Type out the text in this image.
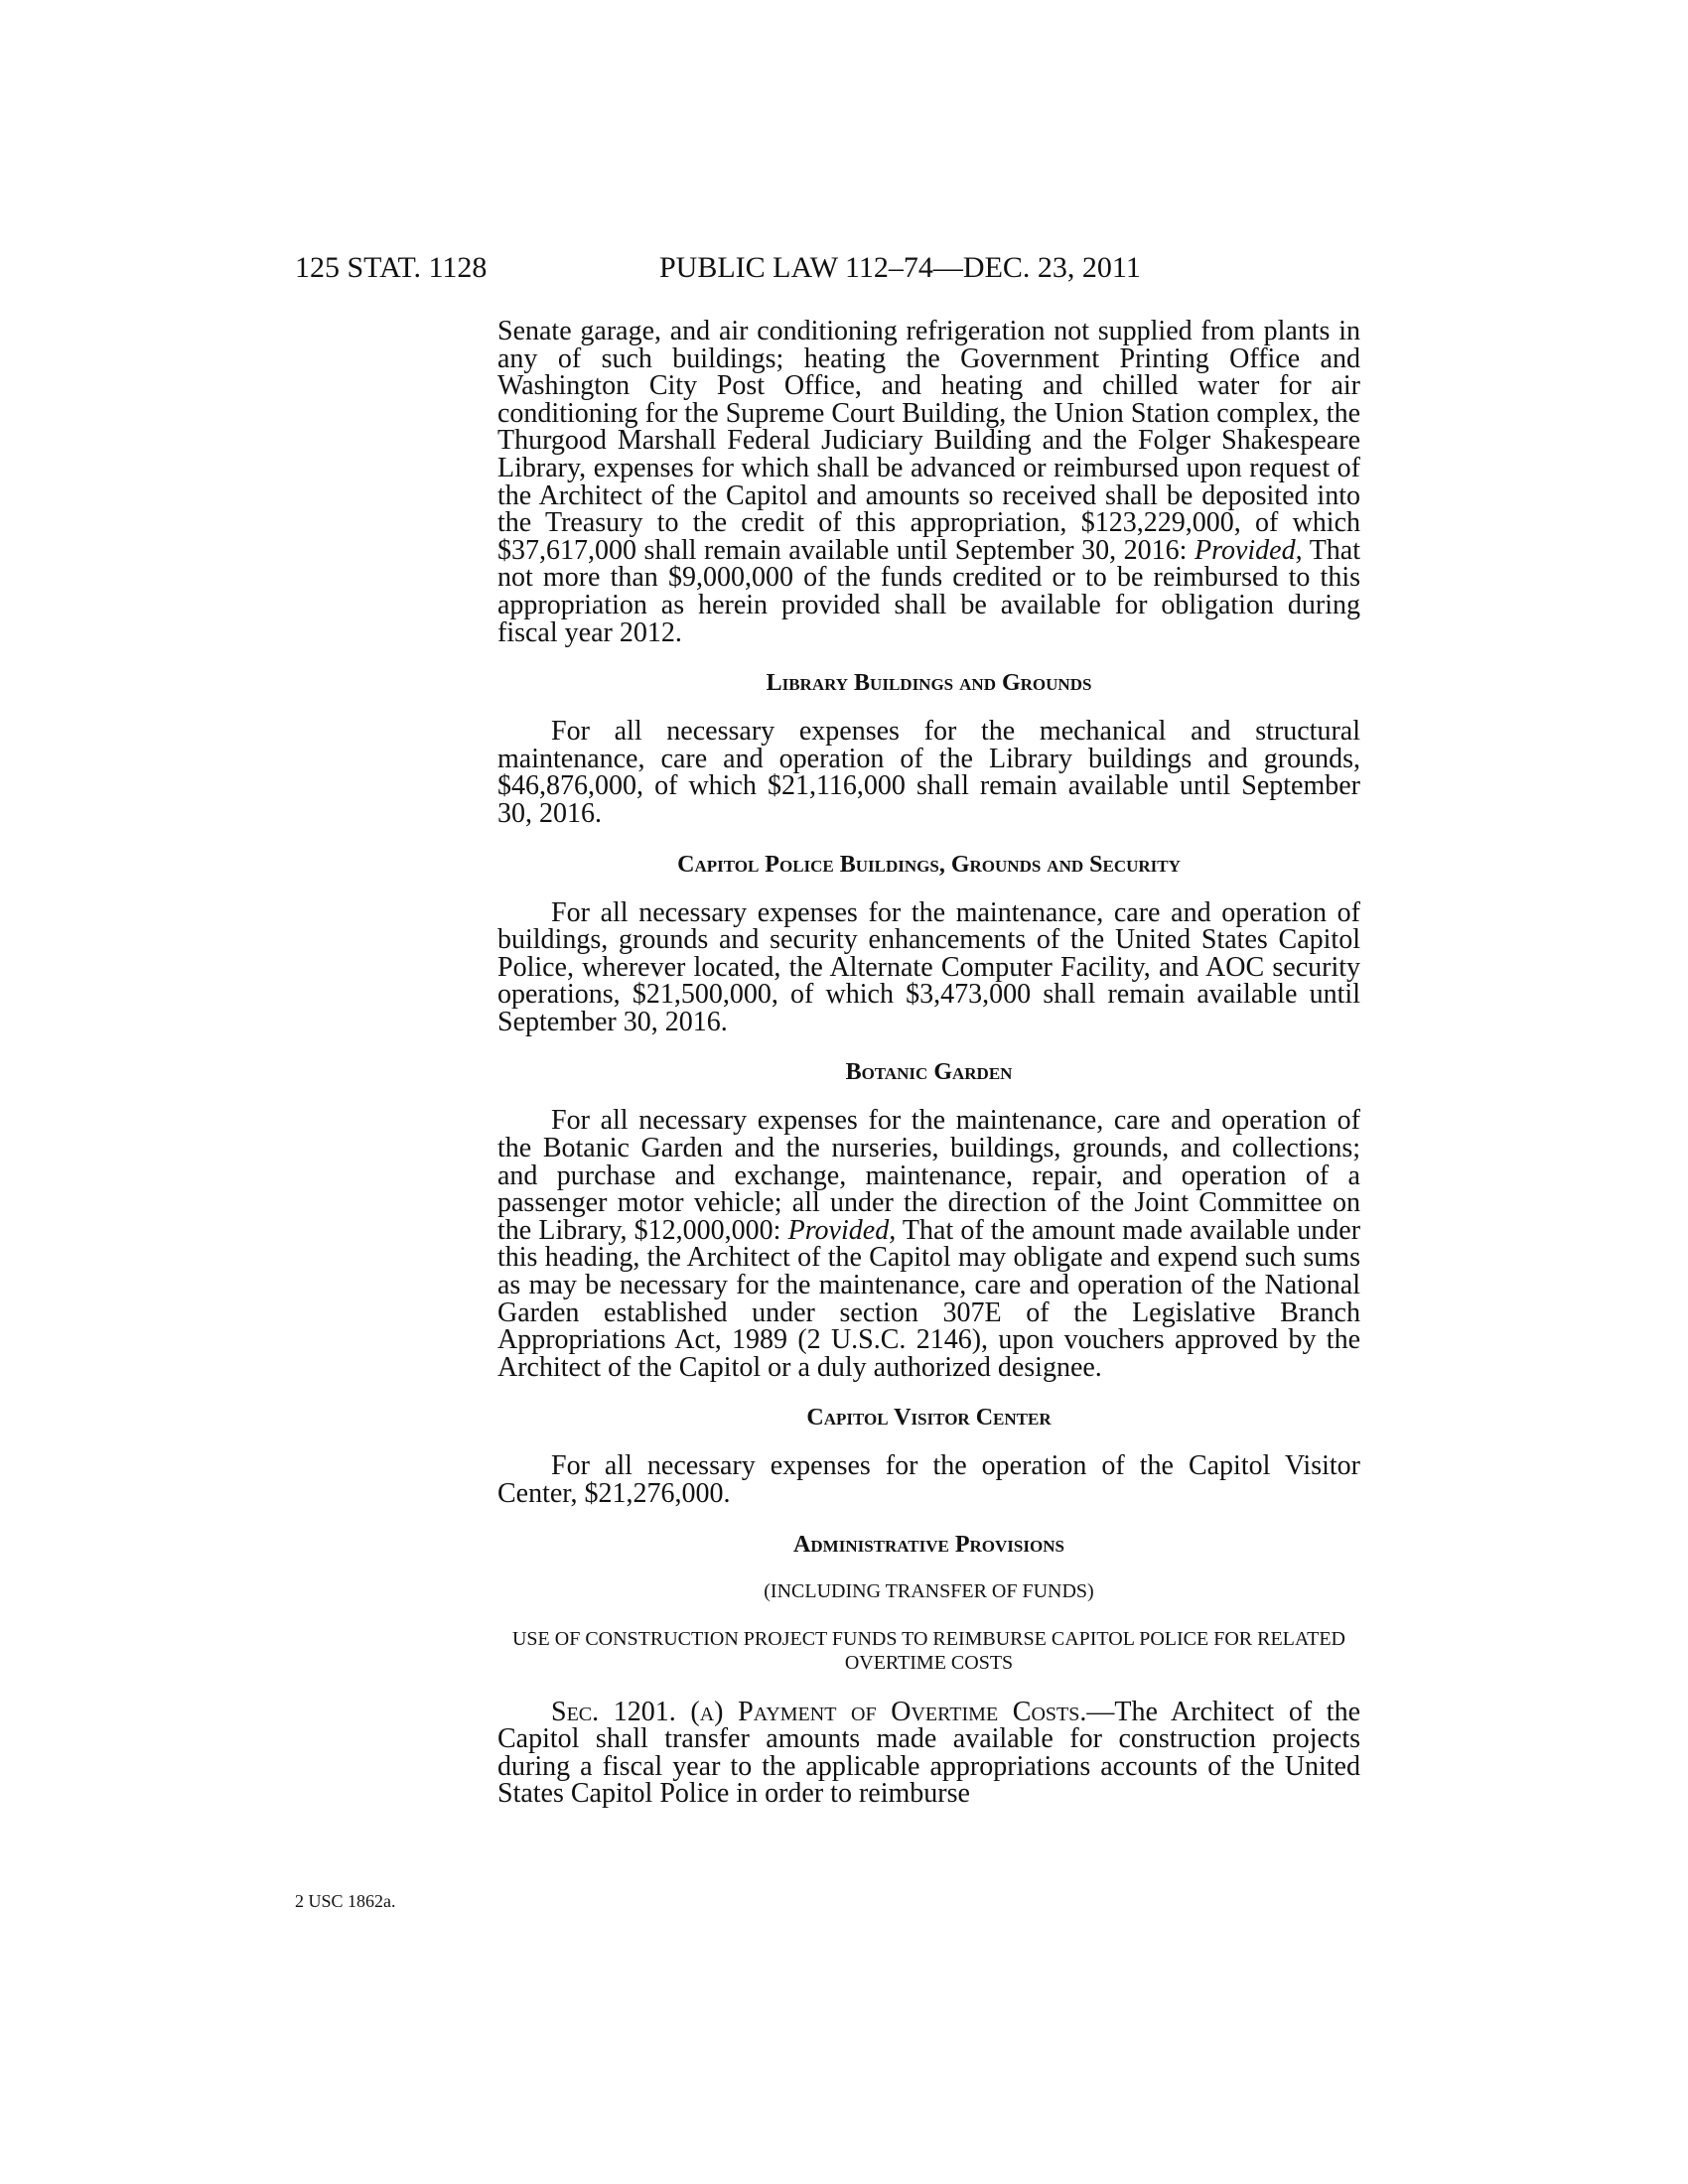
125 STAT. 1128	PUBLIC LAW 112–74—DEC. 23, 2011
2 USC 1862a.

Senate garage, and air conditioning refrigeration not supplied from plants in any of such buildings; heating the Government Printing Office and Washington City Post Office, and heating and chilled water for air conditioning for the Supreme Court Building, the Union Station complex, the Thurgood Marshall Federal Judiciary Building and the Folger Shakespeare Library, expenses for which shall be advanced or reimbursed upon request of the Architect of the Capitol and amounts so received shall be deposited into the Treasury to the credit of this appropriation, $123,229,000, of which $37,617,000 shall remain available until September 30, 2016: Provided, That not more than $9,000,000 of the funds credited or to be reimbursed to this appropriation as herein provided shall be available for obligation during fiscal year 2012.

Library Buildings and Grounds

For all necessary expenses for the mechanical and structural maintenance, care and operation of the Library buildings and grounds, $46,876,000, of which $21,116,000 shall remain available until September 30, 2016.

Capitol Police Buildings, Grounds and Security

For all necessary expenses for the maintenance, care and operation of buildings, grounds and security enhancements of the United States Capitol Police, wherever located, the Alternate Computer Facility, and AOC security operations, $21,500,000, of which $3,473,000 shall remain available until September 30, 2016.

Botanic Garden

For all necessary expenses for the maintenance, care and operation of the Botanic Garden and the nurseries, buildings, grounds, and collections; and purchase and exchange, maintenance, repair, and operation of a passenger motor vehicle; all under the direction of the Joint Committee on the Library, $12,000,000: Provided, That of the amount made available under this heading, the Architect of the Capitol may obligate and expend such sums as may be necessary for the maintenance, care and operation of the National Garden established under section 307E of the Legislative Branch Appropriations Act, 1989 (2 U.S.C. 2146), upon vouchers approved by the Architect of the Capitol or a duly authorized designee.

Capitol Visitor Center

For all necessary expenses for the operation of the Capitol Visitor Center, $21,276,000.

Administrative Provisions
(INCLUDING TRANSFER OF FUNDS)
USE OF CONSTRUCTION PROJECT FUNDS TO REIMBURSE CAPITOL POLICE FOR RELATED OVERTIME COSTS

Sec. 1201. (a) Payment of Overtime Costs.—The Architect of the Capitol shall transfer amounts made available for construction projects during a fiscal year to the applicable appropriations accounts of the United States Capitol Police in order to reimburse
